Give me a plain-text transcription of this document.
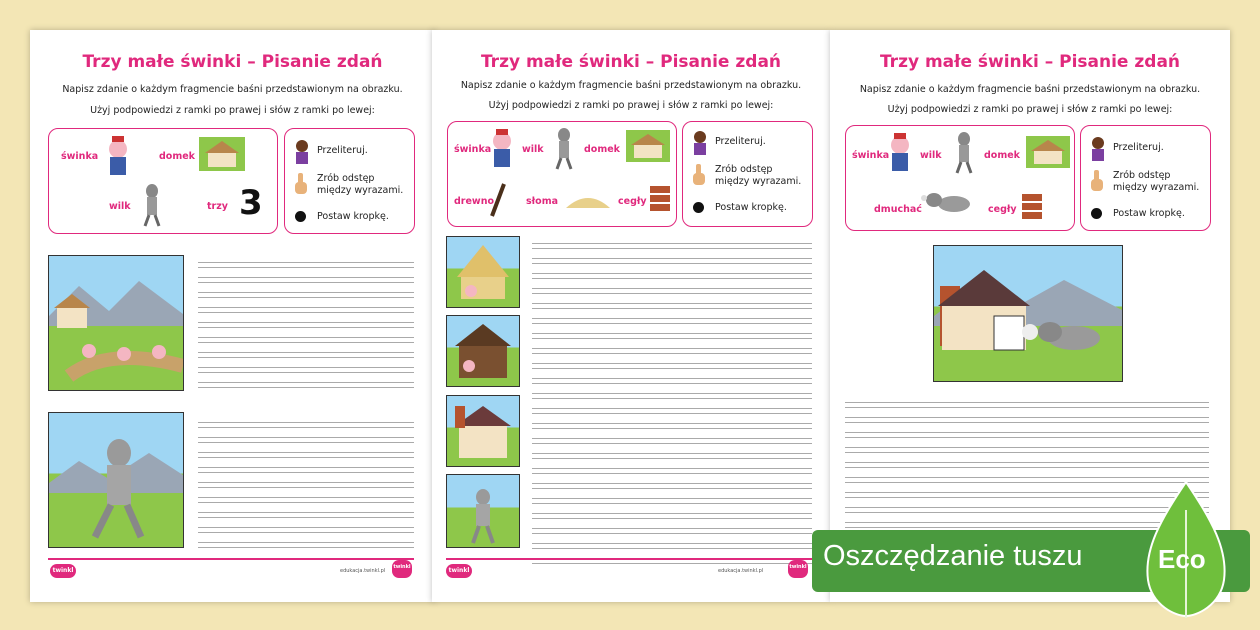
Trzy małe świnki – Pisanie zdań
Napisz zdanie o każdym fragmencie baśni przedstawionym na obrazku.
Użyj podpowiedzi z ramki po prawej i słów z ramki po lewej:
świnka	domek
wilk	trzy 3
Przeliteruj.
Zrób odstęp między wyrazami.
Postaw kropkę.
twinkl	edukacja.twinkl.pl
twinkl
Trzy małe świnki – Pisanie zdań
Napisz zdanie o każdym fragmencie baśni przedstawionym na obrazku.
Użyj podpowiedzi z ramki po prawej i słów z ramki po lewej:
świnka	wilk	domek
drewno	słoma	cegły
Przeliteruj.
Zrób odstęp między wyrazami.
Postaw kropkę.
twinkl	edukacja.twinkl.pl
twinkl
Trzy małe świnki – Pisanie zdań
Napisz zdanie o każdym fragmencie baśni przedstawionym na obrazku.
Użyj podpowiedzi z ramki po prawej i słów z ramki po lewej:
świnka	wilk	domek
dmuchać	cegły
Przeliteruj.
Zrób odstęp między wyrazami.
Postaw kropkę.
Oszczędzanie tuszu	Eco
